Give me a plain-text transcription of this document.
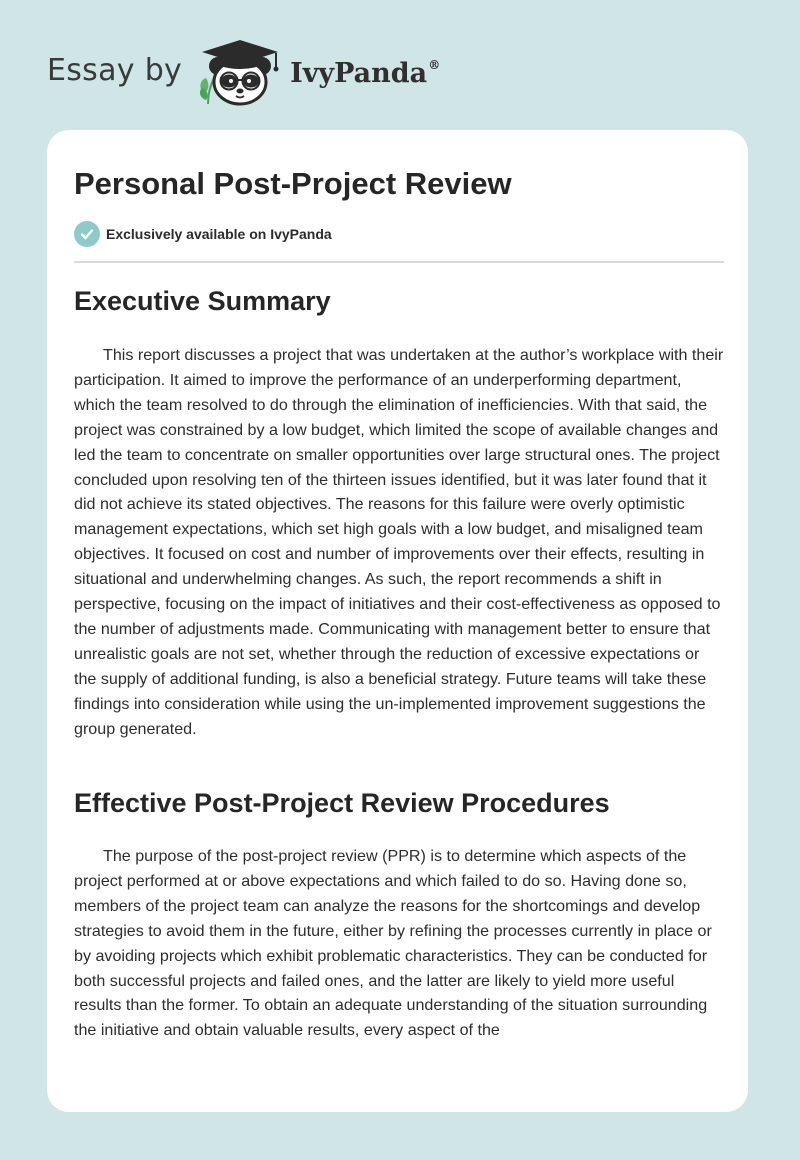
Essay by	IvyPanda ®
Personal Post-Project Review
Exclusively available on IvyPanda
Executive Summary

This report discusses a project that was undertaken at the author’s workplace with their participation. It aimed to improve the performance of an underperforming department, which the team resolved to do through the elimination of inefficiencies. With that said, the project was constrained by a low budget, which limited the scope of available changes and led the team to concentrate on smaller opportunities over large structural ones. The project concluded upon resolving ten of the thirteen issues identified, but it was later found that it did not achieve its stated objectives. The reasons for this failure were overly optimistic management expectations, which set high goals with a low budget, and misaligned team objectives. It focused on cost and number of improvements over their effects, resulting in situational and underwhelming changes. As such, the report recommends a shift in perspective, focusing on the impact of initiatives and their cost-effectiveness as opposed to the number of adjustments made. Communicating with management better to ensure that unrealistic goals are not set, whether through the reduction of excessive expectations or the supply of additional funding, is also a beneficial strategy. Future teams will take these findings into consideration while using the un-implemented improvement suggestions the group generated.

Effective Post-Project Review Procedures

The purpose of the post-project review (PPR) is to determine which aspects of the project performed at or above expectations and which failed to do so. Having done so, members of the project team can analyze the reasons for the shortcomings and develop strategies to avoid them in the future, either by refining the processes currently in place or by avoiding projects which exhibit problematic characteristics. They can be conducted for both successful projects and failed ones, and the latter are likely to yield more useful results than the former. To obtain an adequate understanding of the situation surrounding the initiative and obtain valuable results, every aspect of the
